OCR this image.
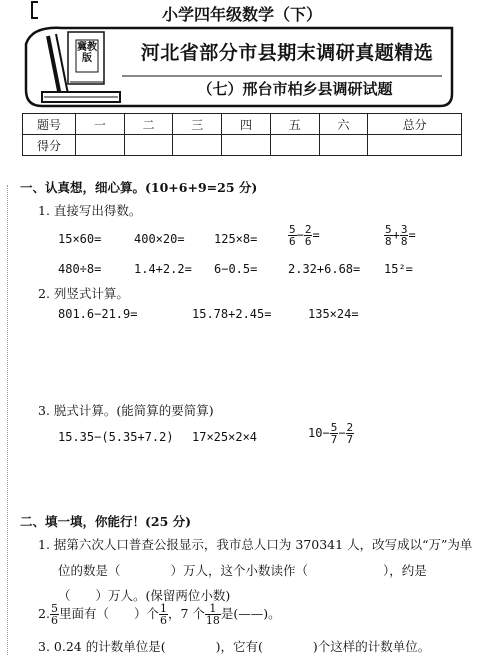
小学四年级数学（下）
冀教版	河北省部分市县期末调研真题精选
（七）邢台市柏乡县调研试题
题号	一	二	三	四	五	六	总分
得分							
一、认真想，细心算。(10+6+9=25 分)
1. 直接写出得数。
15×60=	400×20= 125×8=	$\frac{5}{6} - \frac{2}{6}$ =	$\frac{5}{8} + \frac{3}{8}$ =
480÷8=	1.4+2.2= 6−0.5=	2.32+6.68= 15²=
2. 列竖式计算。
801.6−21.9=	15.78+2.45=	135×24=
3. 脱式计算。(能简算的要简算)
15.35−(5.35+7.2) 17×25×2×4	$10- \frac{5}{7} - \frac{2}{7}$
二、填一填，你能行！(25 分)
1. 据第六次人口普查公报显示，我市总人口为 370341 人，改写成以“万”为单
位的数是（　　　　）万人，这个小数读作（　　　　　　），约是
（　　）万人。(保留两位小数)
2. $\frac{5}{6}$ 里面有（　　）个 $\frac{1}{6}$ ，7 个 $\frac{1}{18}$ 是(——)。
3. 0.24 的计数单位是(　　　　)，它有(　　　　)个这样的计数单位。
